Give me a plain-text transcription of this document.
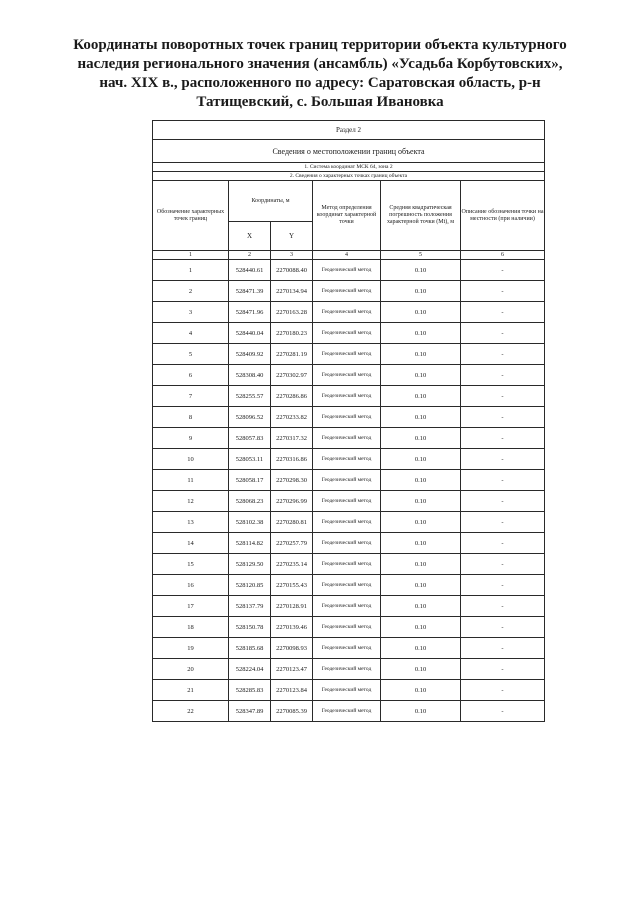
Координаты поворотных точек границ территории объекта культурного
наследия регионального значения (ансамбль) «Усадьба Корбутовских»,
нач. XIX в., расположенного по адресу: Саратовская область, р-н
Татищевский, с. Большая Ивановка
Раздел 2					
Сведения о местоположении границ объекта					
1. Система координат МСК 64, зона 2					
2. Сведения о характерных точках границ объекта					
Обозначение характерных точек границ	Координаты, м		Метод определения координат характерной точки	Средняя квадратическая погрешность положения характерной точки (Mt), м	Описание обозначения точки на местности (при наличии)
	X	Y			
1	2	3	4	5	6
1	528440.61	2270088.40	Геодезический метод	0.10	-
2	528471.39	2270134.94	Геодезический метод	0.10	-
3	528471.96	2270163.28	Геодезический метод	0.10	-
4	528440.04	2270180.23	Геодезический метод	0.10	-
5	528409.92	2270281.19	Геодезический метод	0.10	-
6	528308.40	2270302.97	Геодезический метод	0.10	-
7	528255.57	2270286.86	Геодезический метод	0.10	-
8	528096.52	2270233.82	Геодезический метод	0.10	-
9	528057.83	2270317.32	Геодезический метод	0.10	-
10	528053.11	2270316.86	Геодезический метод	0.10	-
11	528058.17	2270298.30	Геодезический метод	0.10	-
12	528068.23	2270296.99	Геодезический метод	0.10	-
13	528102.38	2270280.81	Геодезический метод	0.10	-
14	528114.82	2270257.79	Геодезический метод	0.10	-
15	528129.50	2270235.14	Геодезический метод	0.10	-
16	528120.85	2270155.43	Геодезический метод	0.10	-
17	528137.79	2270128.91	Геодезический метод	0.10	-
18	528150.78	2270139.46	Геодезический метод	0.10	-
19	528185.68	2270098.93	Геодезический метод	0.10	-
20	528224.04	2270123.47	Геодезический метод	0.10	-
21	528285.83	2270123.84	Геодезический метод	0.10	-
22	528347.89	2270085.39	Геодезический метод	0.10	-
